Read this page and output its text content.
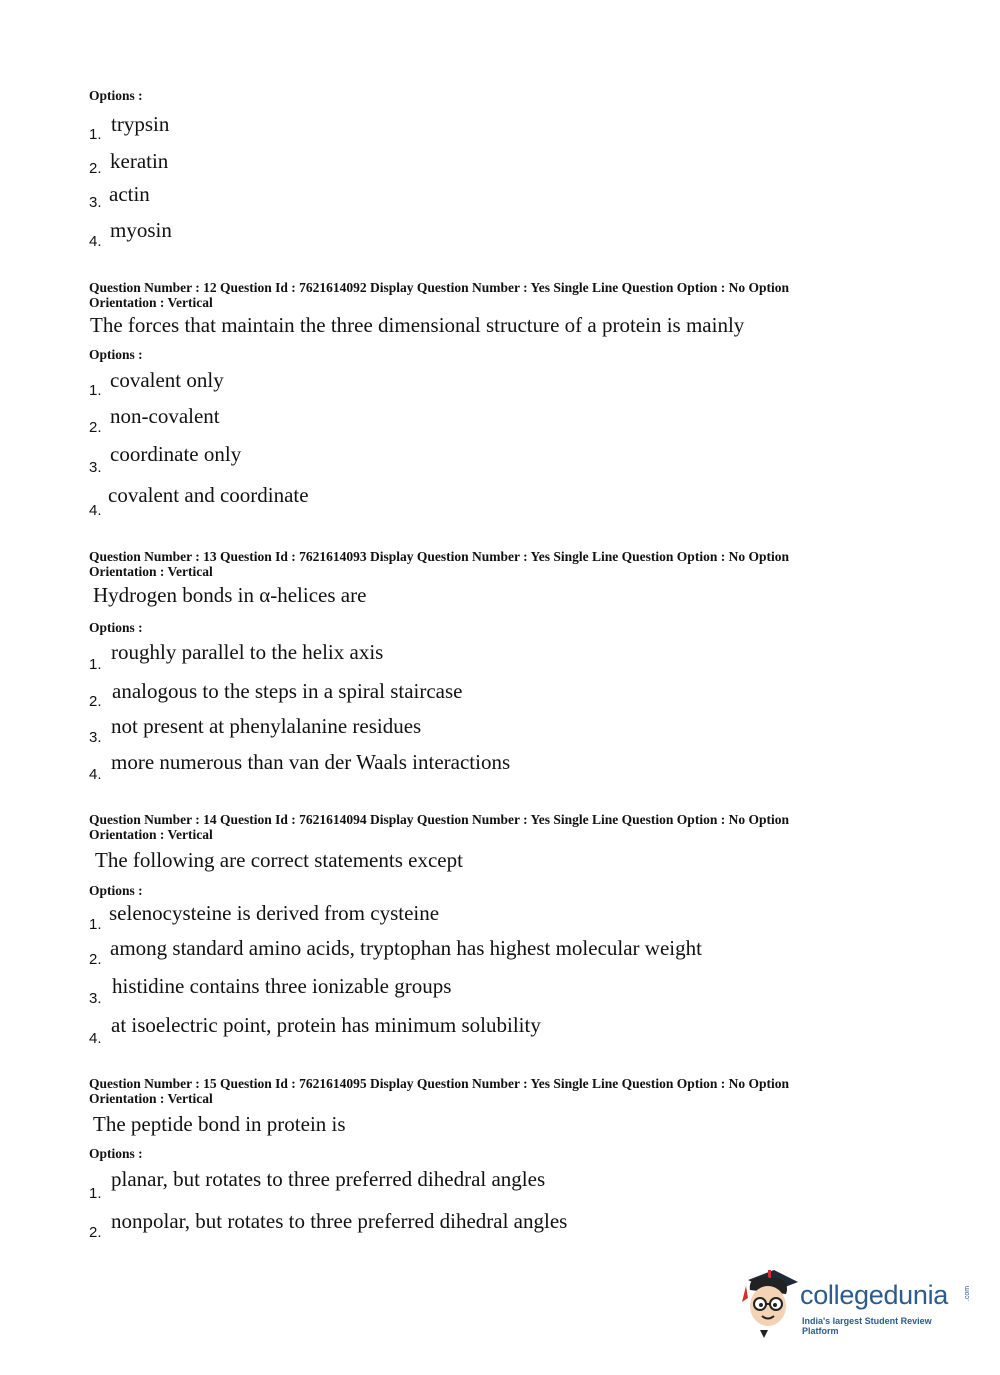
Options :
1. trypsin
2. keratin
3. actin
4. myosin
Question Number : 12 Question Id : 7621614092 Display Question Number : Yes Single Line Question Option : No Option
Orientation : Vertical
The forces that maintain the three dimensional structure of a protein is mainly
Options :
1. covalent only
2. non-covalent
3.
coordinate only
4.
covalent and coordinate
Question Number : 13 Question Id : 7621614093 Display Question Number : Yes Single Line Question Option : No Option
Orientation : Vertical
Hydrogen bonds in α-helices are
Options :
1.
roughly parallel to the helix axis
2. analogous to the steps in a spiral staircase
3. not present at phenylalanine residues
4.
more numerous than van der Waals interactions
Question Number : 14 Question Id : 7621614094 Display Question Number : Yes Single Line Question Option : No Option
Orientation : Vertical
The following are correct statements except
Options :
1. selenocysteine is derived from cysteine
2. among standard amino acids, tryptophan has highest molecular weight
3.
histidine contains three ionizable groups
4.
at isoelectric point, protein has minimum solubility
Question Number : 15 Question Id : 7621614095 Display Question Number : Yes Single Line Question Option : No Option
Orientation : Vertical
The peptide bond in protein is
Options :
1.
planar, but rotates to three preferred dihedral angles
2. nonpolar, but rotates to three preferred dihedral angles
collegedunia .com
India's largest Student Review Platform
